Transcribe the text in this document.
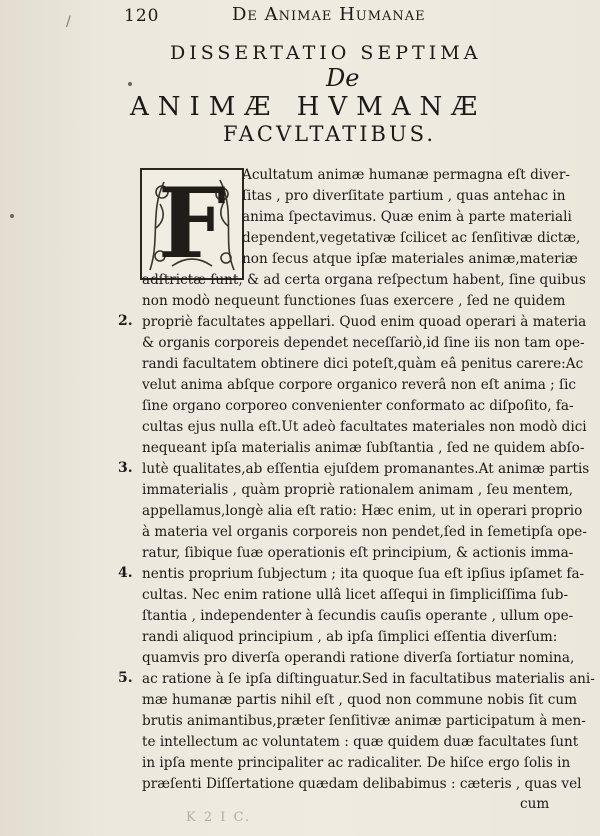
/	120	De Animae Humanae
DISSERTATIO SEPTIMA
De
ANIMÆ HVMANÆ
FACVLTATIBUS.
F	Acultatum animæ humanæ permagna eſt diver-
ſitas , pro diverſitate partium , quas antehac in
anima ſpectavimus. Quæ enim à parte materiali
dependent,vegetativæ ſcilicet ac ſenſitivæ dictæ,
non ſecus atque ipſæ materiales animæ,materiæ
adſtrictæ ſunt, & ad certa organa reſpectum habent, ſine quibus
non modò nequeunt functiones ſuas exercere , ſed ne quidem
propriè facultates appellari. Quod enim quoad operari à materia
& organis corporeis dependet neceſſariò,id ſine iis non tam ope-
randi facultatem obtinere dici poteſt,quàm eâ penitus carere:Ac
velut anima abſque corpore organico reverâ non eſt anima ; ſic
ſine organo corporeo convenienter conformato ac diſpoſito, fa-
cultas ejus nulla eſt.Ut adeò facultates materiales non modò dici
nequeant ipſa materialis animæ ſubſtantia , ſed ne quidem abſo-
lutè qualitates,ab eſſentia ejuſdem promanantes.At animæ partis
immaterialis , quàm propriè rationalem animam , ſeu mentem,
appellamus,longè alia eſt ratio: Hæc enim, ut in operari proprio
à materia vel organis corporeis non pendet,ſed in ſemetipſa ope-
ratur, ſibique ſuæ operationis eſt principium, & actionis imma-
nentis proprium ſubjectum ; ita quoque ſua eſt ipſius ipſamet fa-
cultas. Nec enim ratione ullâ licet aſſequi in ſimpliciſſima ſub-
ſtantia , independenter à ſecundis cauſis operante , ullum ope-
randi aliquod principium , ab ipſa ſimplici eſſentia diverſum:
quamvis pro diverſa operandi ratione diverſa ſortiatur nomina,
ac ratione à ſe ipſa diſtinguatur.Sed in facultatibus materialis ani-
mæ humanæ partis nihil eſt , quod non commune nobis ſit cum
brutis animantibus,præter ſenſitivæ animæ participatum à men-
te intellectum ac voluntatem : quæ quidem duæ facultates ſunt
in ipſa mente principaliter ac radicaliter. De hiſce ergo ſolis in
præſenti Diſſertatione quædam delibabimus : cæteris , quas vel
2.
3.
4.
5.
cum
K 2 I C.
